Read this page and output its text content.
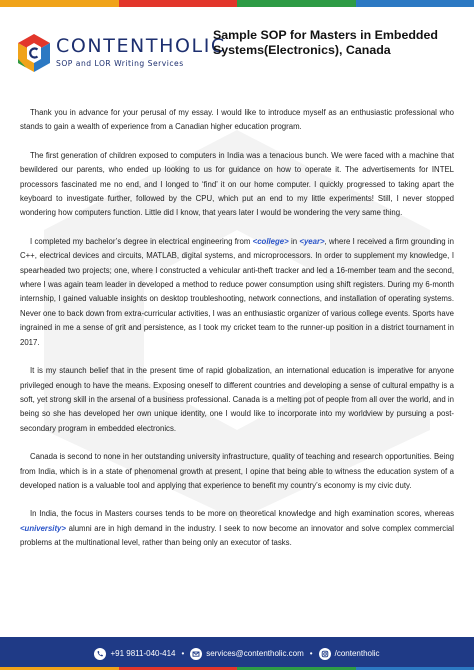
CONTENTHOLIC
SOP and LOR Writing Services
Sample SOP for Masters in Embedded Systems(Electronics), Canada

Thank you in advance for your perusal of my essay. I would like to introduce myself as an enthusiastic professional who stands to gain a wealth of experience from a Canadian higher education program.

The first generation of children exposed to computers in India was a tenacious bunch. We were faced with a machine that bewildered our parents, who ended up looking to us for guidance on how to operate it. The advertisements for INTEL processors fascinated me no end, and I longed to ‘find’ it on our home computer. I quickly progressed to taking apart the keyboard to investigate further, followed by the CPU, which put an end to my little experiments! Still, I never stopped wondering how computers function. Little did I know, that years later I would be wondering the very same thing.

I completed my bachelor’s degree in electrical engineering from <college> in <year>, where I received a firm grounding in C++, electrical devices and circuits, MATLAB, digital systems, and microprocessors. In order to supplement my knowledge, I spearheaded two projects; one, where I constructed a vehicular anti-theft tracker and led a 16-member team and the second, where I was again team leader in developed a method to reduce power consumption using shift registers. During my 6-month internship, I gained valuable insights on desktop troubleshooting, network connections, and installation of operating systems. Never one to back down from extra-curricular activities, I was an enthusiastic organizer of various college events. Sports have ingrained in me a sense of grit and persistence, as I took my cricket team to the runner-up position in a district tournament in 2017.

It is my staunch belief that in the present time of rapid globalization, an international education is imperative for anyone privileged enough to have the means. Exposing oneself to different countries and developing a sense of cultural empathy is a soft, yet strong skill in the arsenal of a business professional. Canada is a melting pot of people from all over the world, and in being so she has developed her own unique identity, one I would like to incorporate into my worldview by pursuing a post-secondary program in embedded electronics.

Canada is second to none in her outstanding university infrastructure, quality of teaching and research opportunities. Being from India, which is in a state of phenomenal growth at present, I opine that being able to witness the education system of a developed nation is a valuable tool and applying that experience to benefit my country’s economy is my civic duty.

In India, the focus in Masters courses tends to be more on theoretical knowledge and high examination scores, whereas <university> alumni are in high demand in the industry. I seek to now become an innovator and solve complex commercial problems at the multinational level, rather than being only an executor of tasks.

+91 9811-040-414 •	services@contentholic.com •	/contentholic
